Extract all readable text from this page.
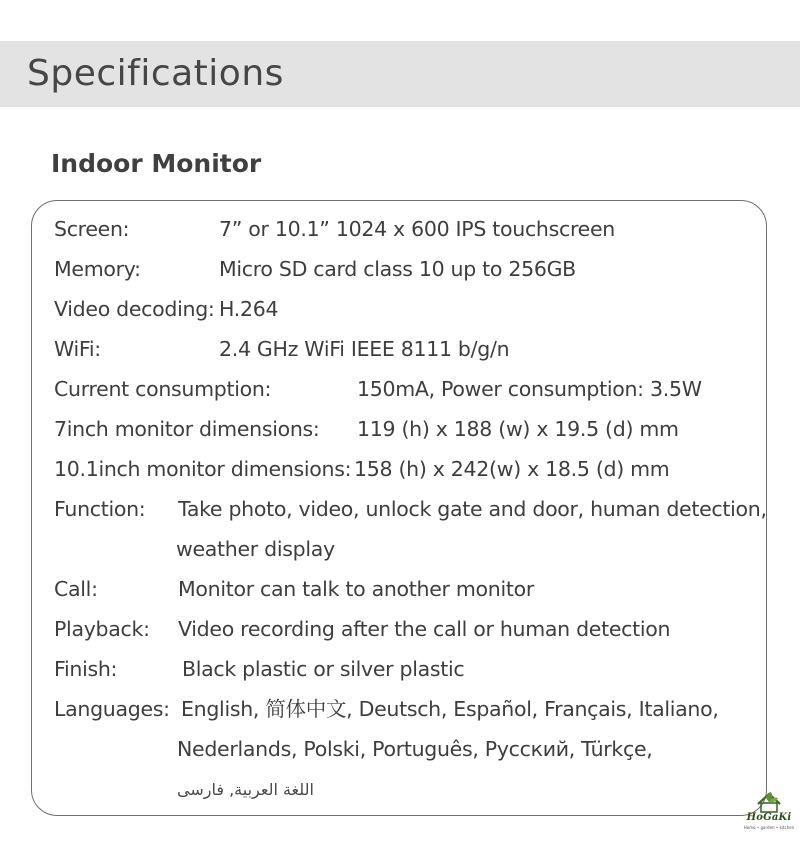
Specifications
Indoor Monitor
Screen:	7” or 10.1” 1024 x 600 IPS touchscreen
Memory:	Micro SD card class 10 up to 256GB
Video decoding: H.264
WiFi:	2.4 GHz WiFi IEEE 8111 b/g/n
Current consumption:	150mA, Power consumption: 3.5W
7inch monitor dimensions: 119 (h) x 188 (w) x 19.5 (d) mm
10.1inch monitor dimensions: 158 (h) x 242(w) x 18.5 (d) mm
Function: Take photo, video, unlock gate and door, human detection,
weather display
Call:	Monitor can talk to another monitor
Playback: Video recording after the call or human detection
Finish:	Black plastic or silver plastic
Languages: English, 简体中文, Deutsch, Español, Français, Italiano,
Nederlands, Polski, Português, Русский, Türkçe,
اللغة العربية, فارسی
HoGaKi
Home • garden • kitchen
